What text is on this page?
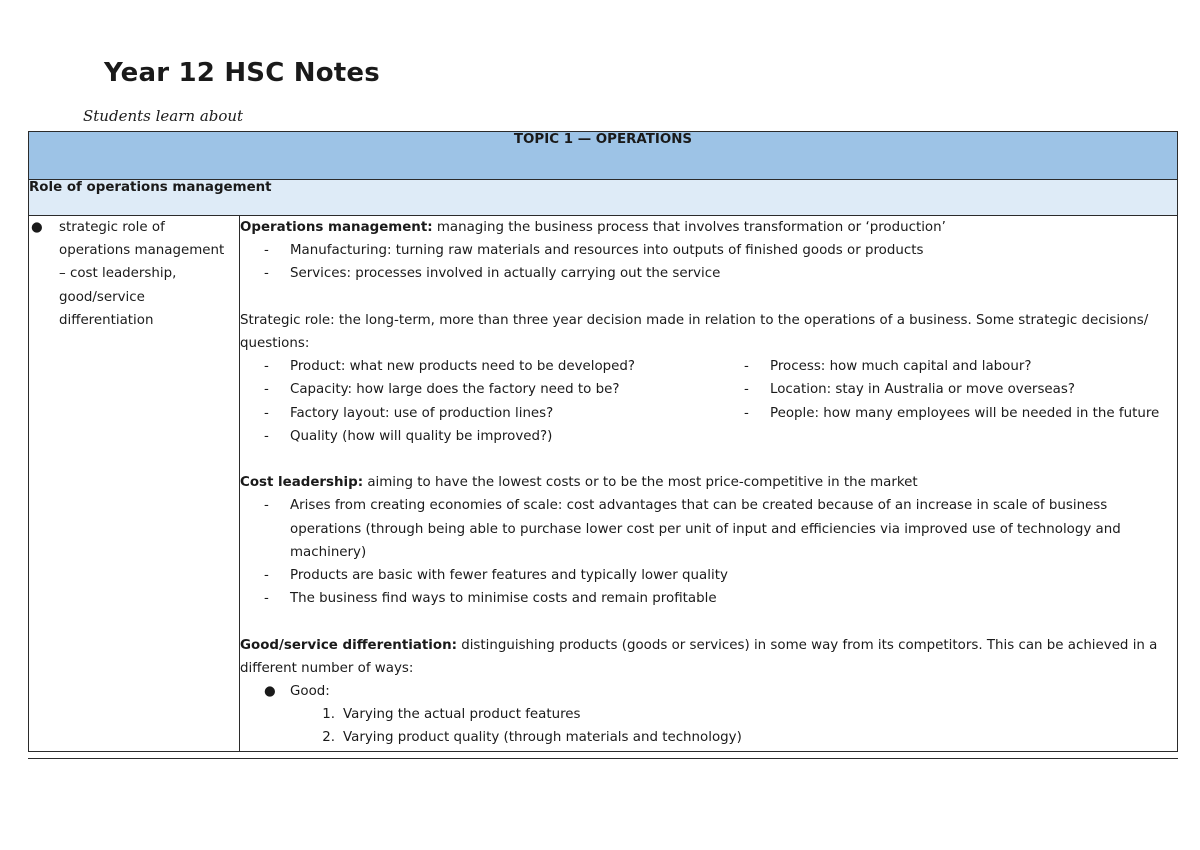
Year 12 HSC Notes
Students learn about
TOPIC 1 — OPERATIONS
Role of operations management

●	strategic role of
operations management
– cost leadership,
good/service
differentiation

Operations management: managing the business process that involves transformation or ‘production’
-	Manufacturing: turning raw materials and resources into outputs of finished goods or products
-	Services: processes involved in actually carrying out the service
Strategic role: the long-term, more than three year decision made in relation to the operations of a business. Some strategic decisions/
questions:
-	Product: what new products need to be developed?
-	Capacity: how large does the factory need to be?
-	Factory layout: use of production lines?
-	Quality (how will quality be improved?)
-	Process: how much capital and labour?
-	Location: stay in Australia or move overseas?
-	People: how many employees will be needed in the future
Cost leadership: aiming to have the lowest costs or to be the most price-competitive in the market
-	Arises from creating economies of scale: cost advantages that can be created because of an increase in scale of business
operations (through being able to purchase lower cost per unit of input and efficiencies via improved use of technology and
machinery)
-	Products are basic with fewer features and typically lower quality
-	The business find ways to minimise costs and remain profitable
Good/service differentiation: distinguishing products (goods or services) in some way from its competitors. This can be achieved in a
different number of ways:
●	Good:
1. Varying the actual product features
2. Varying product quality (through materials and technology)
